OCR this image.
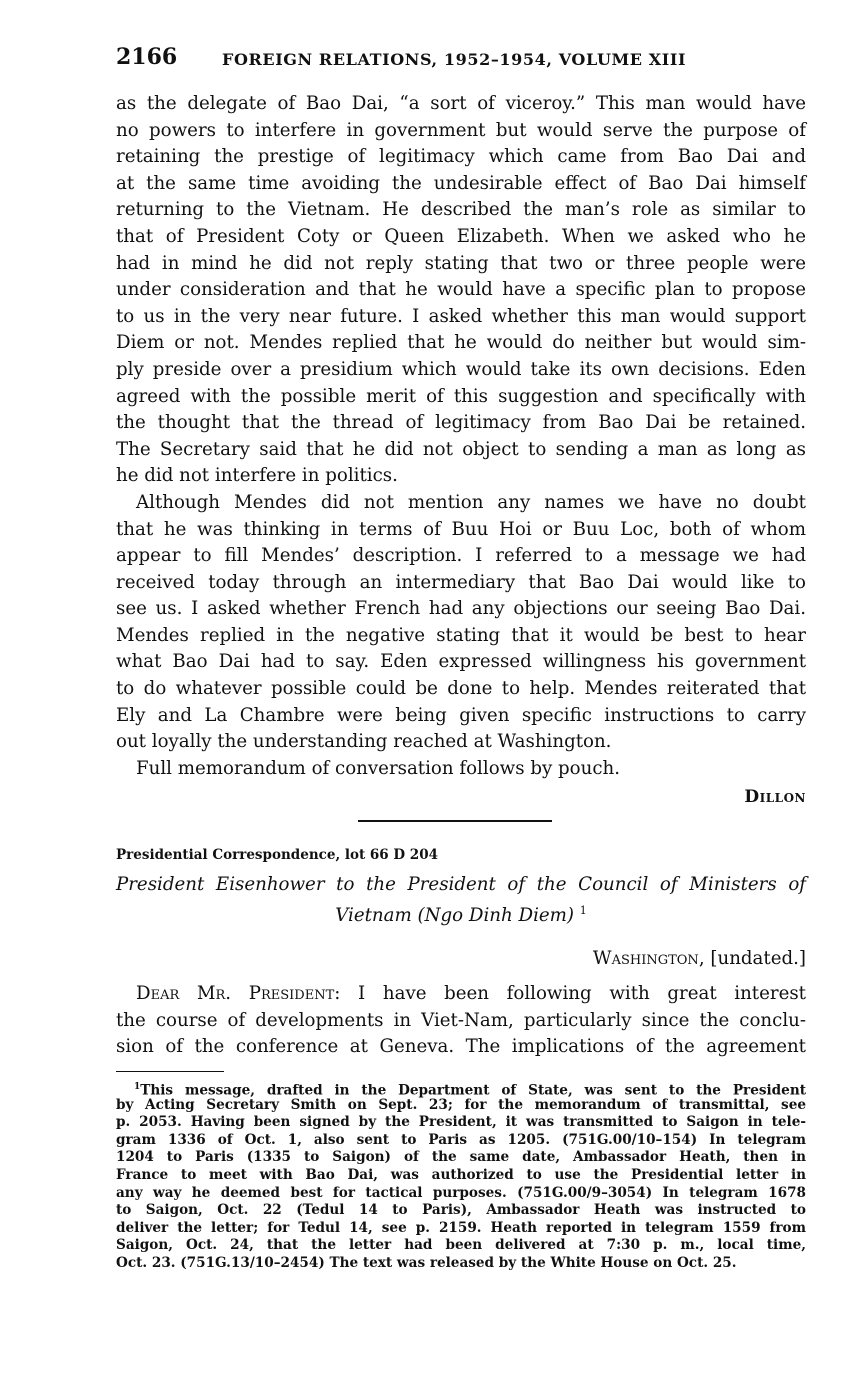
2166	FOREIGN RELATIONS, 1952–1954, VOLUME XIII
as the delegate of Bao Dai, “a sort of viceroy.” This man would have
no powers to interfere in government but would serve the purpose of
retaining the prestige of legitimacy which came from Bao Dai and
at the same time avoiding the undesirable effect of Bao Dai himself
returning to the Vietnam. He described the man’s role as similar to
that of President Coty or Queen Elizabeth. When we asked who he
had in mind he did not reply stating that two or three people were
under consideration and that he would have a specific plan to propose
to us in the very near future. I asked whether this man would support
Diem or not. Mendes replied that he would do neither but would sim-
ply preside over a presidium which would take its own decisions. Eden
agreed with the possible merit of this suggestion and specifically with
the thought that the thread of legitimacy from Bao Dai be retained.
The Secretary said that he did not object to sending a man as long as
he did not interfere in politics.
Although Mendes did not mention any names we have no doubt
that he was thinking in terms of Buu Hoi or Buu Loc, both of whom
appear to fill Mendes’ description. I referred to a message we had
received today through an intermediary that Bao Dai would like to
see us. I asked whether French had any objections our seeing Bao Dai.
Mendes replied in the negative stating that it would be best to hear
what Bao Dai had to say. Eden expressed willingness his government
to do whatever possible could be done to help. Mendes reiterated that
Ely and La Chambre were being given specific instructions to carry
out loyally the understanding reached at Washington.
Full memorandum of conversation follows by pouch.
Dillon
Presidential Correspondence, lot 66 D 204
President Eisenhower to the President of the Council of Ministers of
Vietnam (Ngo Dinh Diem) $^1$
Washington, [undated.]
Dear Mr. President: I have been following with great interest
the course of developments in Viet-Nam, particularly since the conclu-
sion of the conference at Geneva. The implications of the agreement
$^1$This message, drafted in the Department of State, was sent to the President
by Acting Secretary Smith on Sept. 23; for the memorandum of transmittal, see
p. 2053. Having been signed by the President, it was transmitted to Saigon in tele-
gram 1336 of Oct. 1, also sent to Paris as 1205. (751G.00/10–154) In telegram
1204 to Paris (1335 to Saigon) of the same date, Ambassador Heath, then in
France to meet with Bao Dai, was authorized to use the Presidential letter in
any way he deemed best for tactical purposes. (751G.00/9–3054) In telegram 1678
to Saigon, Oct. 22 (Tedul 14 to Paris), Ambassador Heath was instructed to
deliver the letter; for Tedul 14, see p. 2159. Heath reported in telegram 1559 from
Saigon, Oct. 24, that the letter had been delivered at 7:30 p. m., local time,
Oct. 23. (751G.13/10–2454) The text was released by the White House on Oct. 25.
